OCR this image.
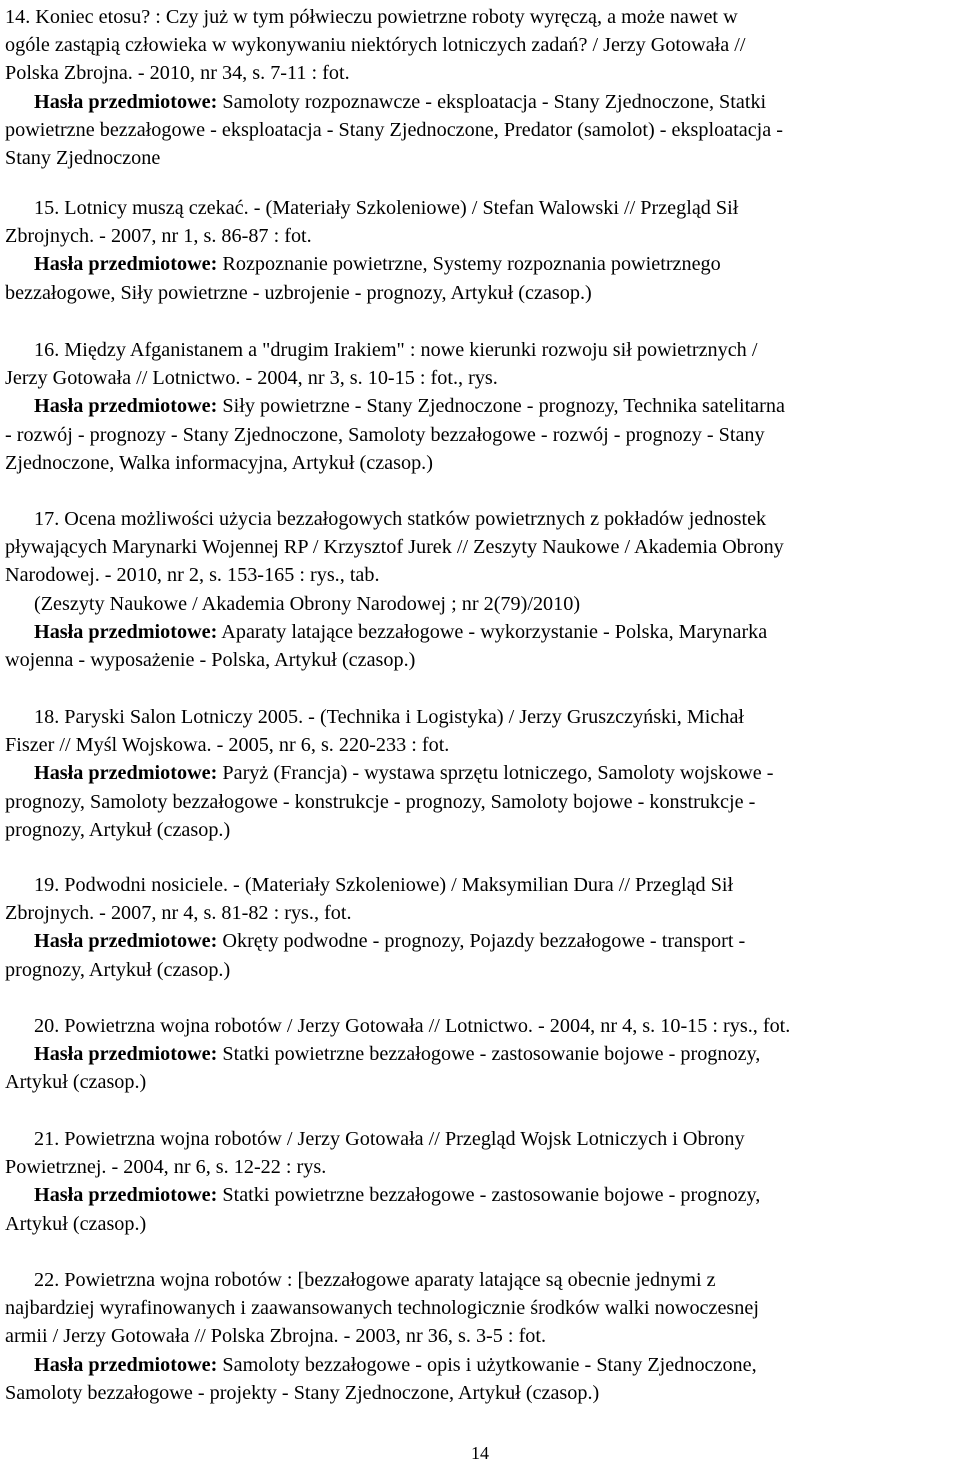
14. Koniec etosu? : Czy już w tym półwieczu powietrzne roboty wyręczą, a może nawet w
ogóle zastąpią człowieka w wykonywaniu niektórych lotniczych zadań? / Jerzy Gotowała //
Polska Zbrojna. - 2010, nr 34, s. 7-11 : fot.
Hasła przedmiotowe: Samoloty rozpoznawcze - eksploatacja - Stany Zjednoczone, Statki
powietrzne bezzałogowe - eksploatacja - Stany Zjednoczone, Predator (samolot) - eksploatacja -
Stany Zjednoczone
15. Lotnicy muszą czekać. - (Materiały Szkoleniowe) / Stefan Walowski // Przegląd Sił
Zbrojnych. - 2007, nr 1, s. 86-87 : fot.
Hasła przedmiotowe: Rozpoznanie powietrzne, Systemy rozpoznania powietrznego
bezzałogowe, Siły powietrzne - uzbrojenie - prognozy, Artykuł (czasop.)
16. Między Afganistanem a "drugim Irakiem" : nowe kierunki rozwoju sił powietrznych /
Jerzy Gotowała // Lotnictwo. - 2004, nr 3, s. 10-15 : fot., rys.
Hasła przedmiotowe: Siły powietrzne - Stany Zjednoczone - prognozy, Technika satelitarna
- rozwój - prognozy - Stany Zjednoczone, Samoloty bezzałogowe - rozwój - prognozy - Stany
Zjednoczone, Walka informacyjna, Artykuł (czasop.)
17. Ocena możliwości użycia bezzałogowych statków powietrznych z pokładów jednostek
pływających Marynarki Wojennej RP / Krzysztof Jurek // Zeszyty Naukowe / Akademia Obrony
Narodowej. - 2010, nr 2, s. 153-165 : rys., tab.
(Zeszyty Naukowe / Akademia Obrony Narodowej ; nr 2(79)/2010)
Hasła przedmiotowe: Aparaty latające bezzałogowe - wykorzystanie - Polska, Marynarka
wojenna - wyposażenie - Polska, Artykuł (czasop.)
18. Paryski Salon Lotniczy 2005. - (Technika i Logistyka) / Jerzy Gruszczyński, Michał
Fiszer // Myśl Wojskowa. - 2005, nr 6, s. 220-233 : fot.
Hasła przedmiotowe: Paryż (Francja) - wystawa sprzętu lotniczego, Samoloty wojskowe -
prognozy, Samoloty bezzałogowe - konstrukcje - prognozy, Samoloty bojowe - konstrukcje -
prognozy, Artykuł (czasop.)
19. Podwodni nosiciele. - (Materiały Szkoleniowe) / Maksymilian Dura // Przegląd Sił
Zbrojnych. - 2007, nr 4, s. 81-82 : rys., fot.
Hasła przedmiotowe: Okręty podwodne - prognozy, Pojazdy bezzałogowe - transport -
prognozy, Artykuł (czasop.)
20. Powietrzna wojna robotów / Jerzy Gotowała // Lotnictwo. - 2004, nr 4, s. 10-15 : rys., fot.
Hasła przedmiotowe: Statki powietrzne bezzałogowe - zastosowanie bojowe - prognozy,
Artykuł (czasop.)
21. Powietrzna wojna robotów / Jerzy Gotowała // Przegląd Wojsk Lotniczych i Obrony
Powietrznej. - 2004, nr 6, s. 12-22 : rys.
Hasła przedmiotowe: Statki powietrzne bezzałogowe - zastosowanie bojowe - prognozy,
Artykuł (czasop.)
22. Powietrzna wojna robotów : [bezzałogowe aparaty latające są obecnie jednymi z
najbardziej wyrafinowanych i zaawansowanych technologicznie środków walki nowoczesnej
armii / Jerzy Gotowała // Polska Zbrojna. - 2003, nr 36, s. 3-5 : fot.
Hasła przedmiotowe: Samoloty bezzałogowe - opis i użytkowanie - Stany Zjednoczone,
Samoloty bezzałogowe - projekty - Stany Zjednoczone, Artykuł (czasop.)
14
